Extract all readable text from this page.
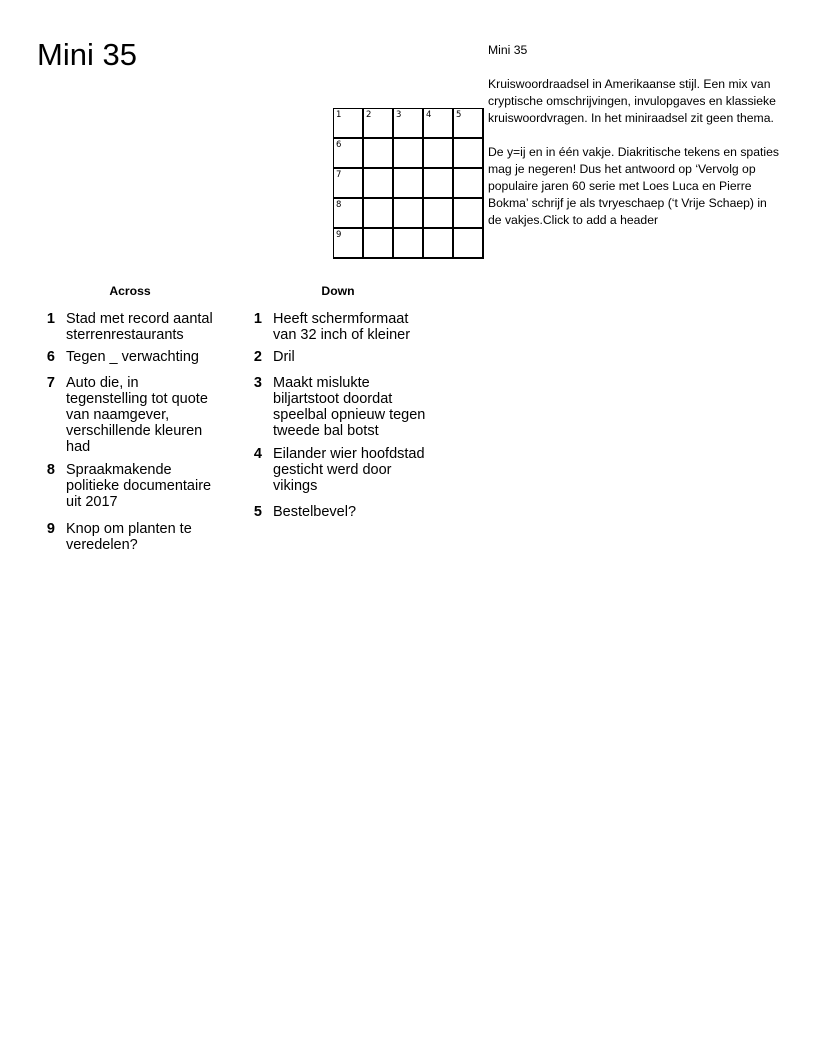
Mini 35	Mini 35

Kruiswoordraadsel in Amerikaanse stijl. Een mix van cryptische omschrijvingen, invulopgaves en klassieke kruiswoordvragen. In het miniraadsel zit geen thema.

De y=ij en in één vakje. Diakritische tekens en spaties mag je negeren! Dus het antwoord op ‘Vervolg op populaire jaren 60 serie met Loes Luca en Pierre Bokma’ schrijf je als tvryeschaep (‘t Vrije Schaep) in de vakjes.Click to add a header

1	2	3	4	5
6
7
8
9
Across
1 Stad met record aantal sterrenrestaurants
6 Tegen _ verwachting
7 Auto die, in tegenstelling tot quote van naamgever, verschillende kleuren had
8 Spraakmakende politieke documentaire uit 2017
9 Knop om planten te veredelen?
Down
1 Heeft schermformaat van 32 inch of kleiner
2 Dril
3 Maakt mislukte biljartstoot doordat speelbal opnieuw tegen tweede bal botst
4 Eilander wier hoofdstad gesticht werd door vikings
5 Bestelbevel?
